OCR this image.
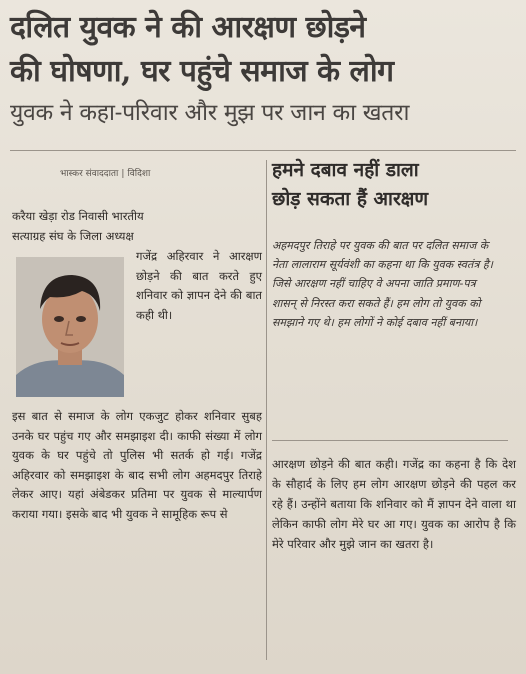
दलित युवक ने की आरक्षण छोड़ने
की घोषणा, घर पहुंचे समाज के लोग
युवक ने कहा-परिवार और मुझ पर जान का खतरा
भास्कर संवाददाता | विदिशा	हमने दबाव नहीं डाला
छोड़ सकता हैं आरक्षण
करैया खेड़ा रोड निवासी भारतीय
सत्याग्रह संघ के जिला अध्यक्ष
गजेंद्र अहिरवार ने आरक्षण छोड़ने की बात करते हुए शनिवार को ज्ञापन देने की बात कही थी।
इस बात से समाज के लोग एकजुट होकर शनिवार सुबह उनके घर पहुंच गए और समझाइश दी। काफी संख्या में लोग युवक के घर पहुंचे तो पुलिस भी सतर्क हो गई। गजेंद्र अहिरवार को समझाइश के बाद सभी लोग अहमदपुर तिराहे लेकर आए। यहां अंबेडकर प्रतिमा पर युवक से माल्यार्पण कराया गया। इसके बाद भी युवक ने सामूहिक रूप से
अहमदपुर तिराहे पर युवक की बात पर दलित समाज के नेता लालाराम सूर्यवंशी का कहना था कि युवक स्वतंत्र है। जिसे आरक्षण नहीं चाहिए वे अपना जाति प्रमाण-पत्र शासन् से निरस्त करा सकते हैं। हम लोग तो युवक को समझाने गए थे। हम लोगों ने कोई दबाव नहीं बनाया।
आरक्षण छोड़ने की बात कही। गजेंद्र का कहना है कि देश के सौहार्द के लिए हम लोग आरक्षण छोड़ने की पहल कर रहे हैं। उन्होंने बताया कि शनिवार को मैं ज्ञापन देने वाला था लेकिन काफी लोग मेरे घर आ गए। युवक का आरोप है कि मेरे परिवार और मुझे जान का खतरा है।
